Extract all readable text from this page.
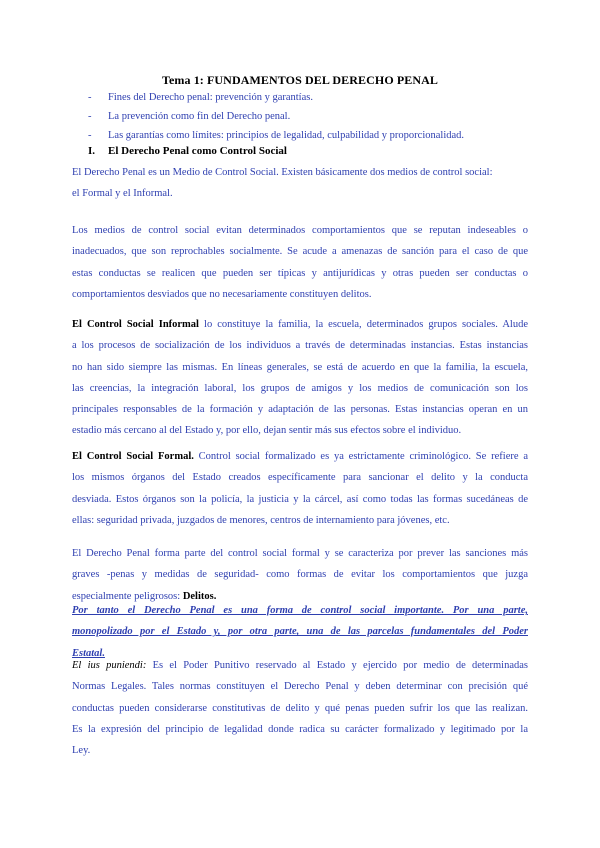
Tema 1: FUNDAMENTOS DEL DERECHO PENAL
- Fines del Derecho penal: prevención y garantías.
- La prevención como fin del Derecho penal.
- Las garantías como límites: principios de legalidad, culpabilidad y proporcionalidad.
I. El Derecho Penal como Control Social
El Derecho Penal es un Medio de Control Social. Existen básicamente dos medios de control social:
el Formal y el Informal.
Los medios de control social evitan determinados comportamientos que se reputan indeseables o
inadecuados, que son reprochables socialmente. Se acude a amenazas de sanción para el caso de que
estas conductas se realicen que pueden ser típicas y antijurídicas y otras pueden ser conductas o
comportamientos desviados que no necesariamente constituyen delitos.
El Control Social Informal lo constituye la familia, la escuela, determinados grupos sociales. Alude
a los procesos de socialización de los individuos a través de determinadas instancias. Estas instancias
no han sido siempre las mismas. En líneas generales, se está de acuerdo en que la familia, la escuela,
las creencias, la integración laboral, los grupos de amigos y los medios de comunicación son los
principales responsables de la formación y adaptación de las personas. Estas instancias operan en un
estadio más cercano al del Estado y, por ello, dejan sentir más sus efectos sobre el individuo.
El Control Social Formal. Control social formalizado es ya estrictamente criminológico. Se refiere a
los mismos órganos del Estado creados específicamente para sancionar el delito y la conducta
desviada. Estos órganos son la policía, la justicia y la cárcel, así como todas las formas sucedáneas de
ellas: seguridad privada, juzgados de menores, centros de internamiento para jóvenes, etc.
El Derecho Penal forma parte del control social formal y se caracteriza por prever las sanciones más
graves -penas y medidas de seguridad- como formas de evitar los comportamientos que juzga
especialmente peligrosos: Delitos.
Por tanto el Derecho Penal es una forma de control social importante. Por una parte,
monopolizado por el Estado y, por otra parte, una de las parcelas fundamentales del Poder
Estatal.
El ius puniendi: Es el Poder Punitivo reservado al Estado y ejercido por medio de determinadas
Normas Legales. Tales normas constituyen el Derecho Penal y deben determinar con precisión qué
conductas pueden considerarse constitutivas de delito y qué penas pueden sufrir los que las realizan.
Es la expresión del principio de legalidad donde radica su carácter formalizado y legitimado por la
Ley.
